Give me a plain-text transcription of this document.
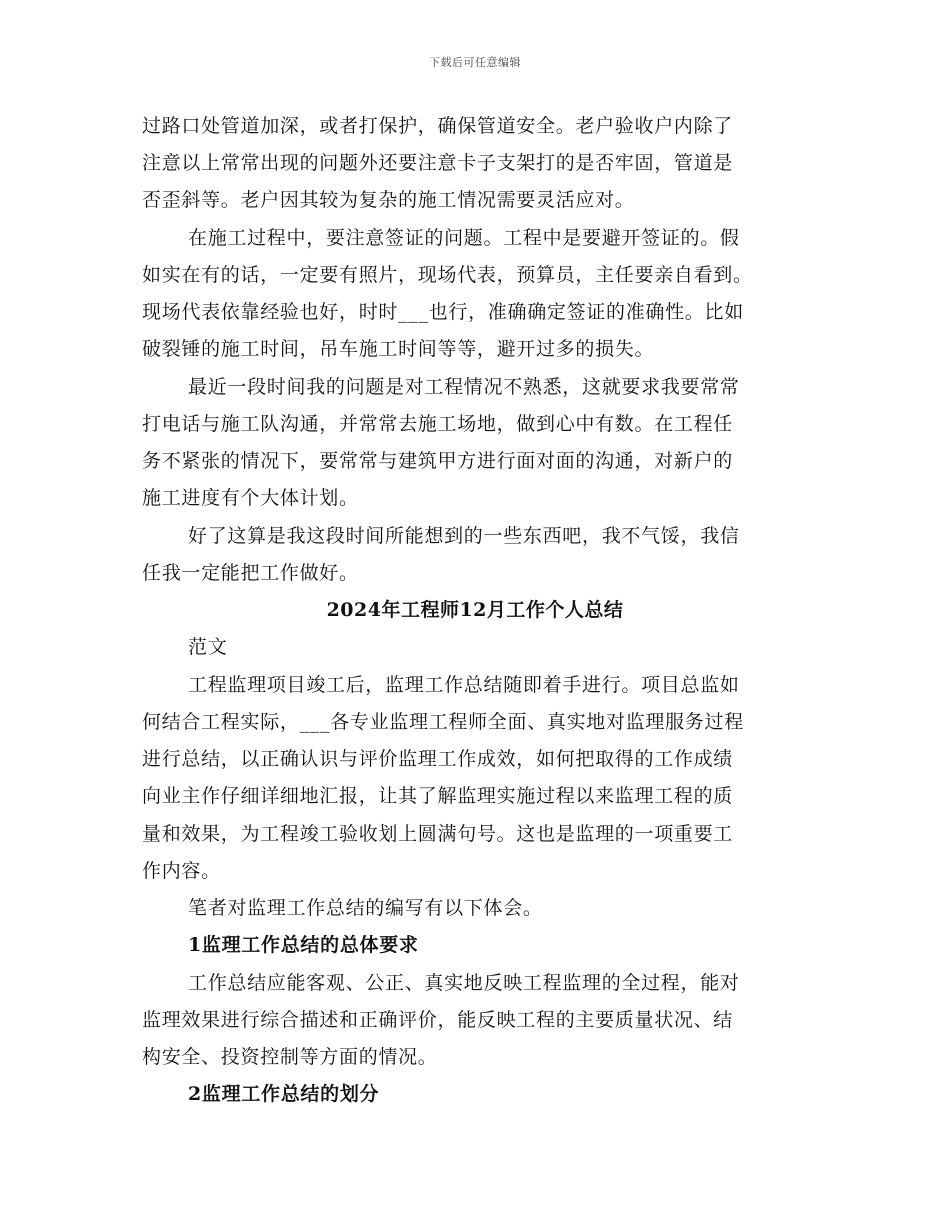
下载后可任意编辑
过路口处管道加深，或者打保护，确保管道安全。老户验收户内除了
注意以上常常出现的问题外还要注意卡子支架打的是否牢固，管道是
否歪斜等。老户因其较为复杂的施工情况需要灵活应对。
在施工过程中，要注意签证的问题。工程中是要避开签证的。假
如实在有的话，一定要有照片，现场代表，预算员，主任要亲自看到。
现场代表依靠经验也好，时时___也行，准确确定签证的准确性。比如
破裂锤的施工时间，吊车施工时间等等，避开过多的损失。
最近一段时间我的问题是对工程情况不熟悉，这就要求我要常常
打电话与施工队沟通，并常常去施工场地，做到心中有数。在工程任
务不紧张的情况下，要常常与建筑甲方进行面对面的沟通，对新户的
施工进度有个大体计划。
好了这算是我这段时间所能想到的一些东西吧，我不气馁，我信
任我一定能把工作做好。
2024年工程师12月工作个人总结
范文
工程监理项目竣工后，监理工作总结随即着手进行。项目总监如
何结合工程实际，___各专业监理工程师全面、真实地对监理服务过程
进行总结，以正确认识与评价监理工作成效，如何把取得的工作成绩
向业主作仔细详细地汇报，让其了解监理实施过程以来监理工程的质
量和效果，为工程竣工验收划上圆满句号。这也是监理的一项重要工
作内容。
笔者对监理工作总结的编写有以下体会。
1监理工作总结的总体要求
工作总结应能客观、公正、真实地反映工程监理的全过程，能对
监理效果进行综合描述和正确评价，能反映工程的主要质量状况、结
构安全、投资控制等方面的情况。
2监理工作总结的划分
